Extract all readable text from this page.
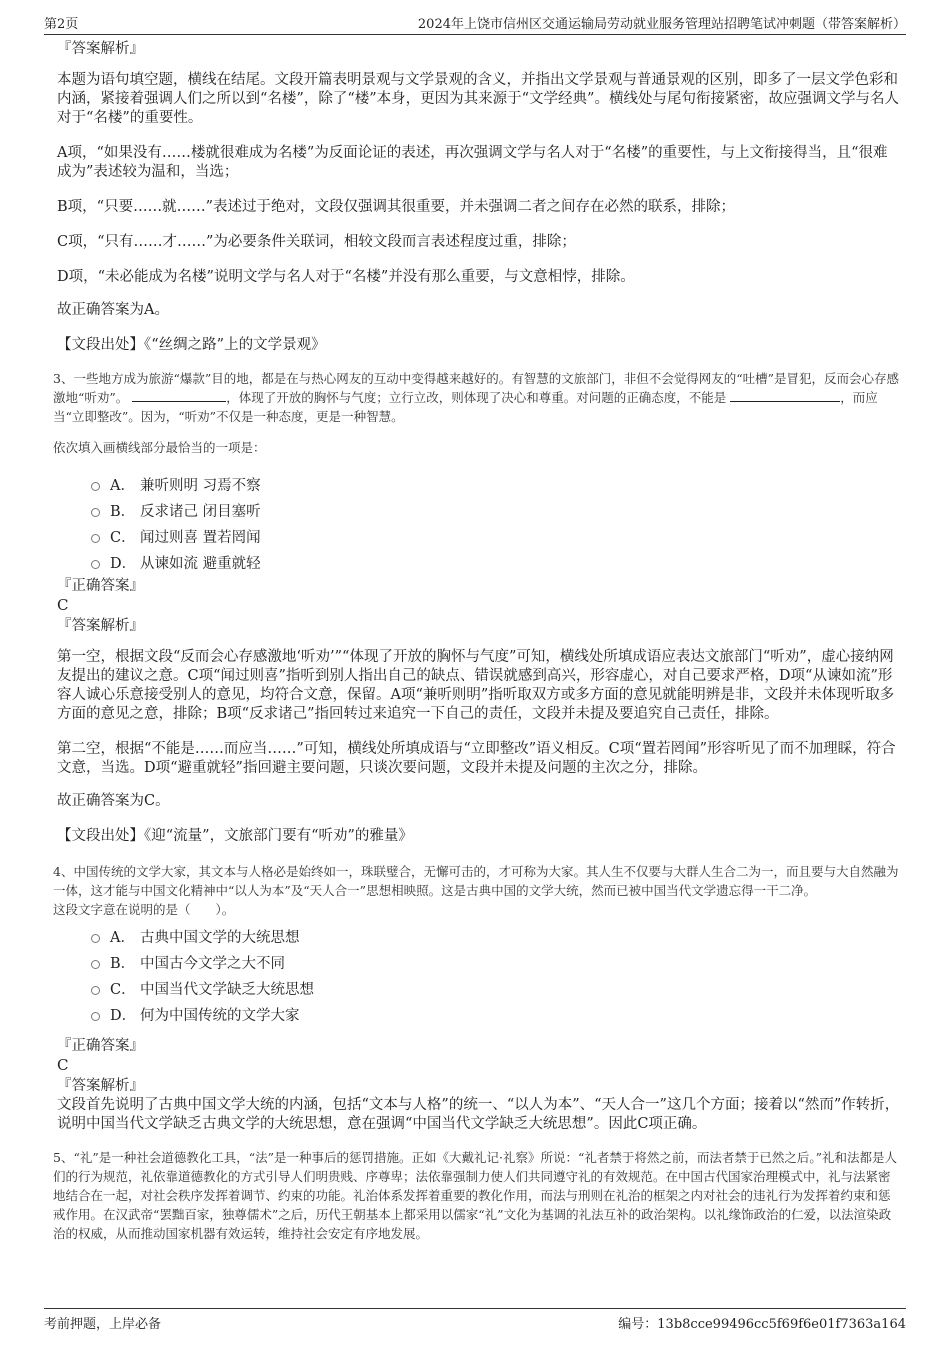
第2页	2024年上饶市信州区交通运输局劳动就业服务管理站招聘笔试冲刺题（带答案解析）

『答案解析』

本题为语句填空题，横线在结尾。文段开篇表明景观与文学景观的含义，并指出文学景观与普通景观的区别，即多了一层文学色彩和内涵，紧接着强调人们之所以到“名楼”，除了“楼”本身，更因为其来源于“文学经典”。横线处与尾句衔接紧密，故应强调文学与名人对于“名楼”的重要性。

A项，“如果没有……楼就很难成为名楼”为反面论证的表述，再次强调文学与名人对于“名楼”的重要性，与上文衔接得当，且“很难成为”表述较为温和，当选；

B项，“只要……就……”表述过于绝对，文段仅强调其很重要，并未强调二者之间存在必然的联系，排除；

C项，“只有……才……”为必要条件关联词，相较文段而言表述程度过重，排除；

D项，“未必能成为名楼”说明文学与名人对于“名楼”并没有那么重要，与文意相悖，排除。

故正确答案为A。

【文段出处】《“丝绸之路”上的文学景观》

3、一些地方成为旅游“爆款”目的地，都是在与热心网友的互动中变得越来越好的。有智慧的文旅部门，非但不会觉得网友的“吐槽”是冒犯，反而会心存感激地“听劝”。	，体现了开放的胸怀与气度；立行立改，则体现了决心和尊重。对问题的正确态度，不能是	，而应当“立即整改”。因为，“听劝”不仅是一种态度，更是一种智慧。

依次填入画横线部分最恰当的一项是：

A． 兼听则明 习焉不察
B． 反求诸己 闭目塞听
C． 闻过则喜 置若罔闻
D． 从谏如流 避重就轻

『正确答案』

C

『答案解析』

第一空，根据文段“反而会心存感激地‘听劝’”“体现了开放的胸怀与气度”可知，横线处所填成语应表达文旅部门“听劝”，虚心接纳网友提出的建议之意。C项“闻过则喜”指听到别人指出自己的缺点、错误就感到高兴，形容虚心，对自己要求严格，D项“从谏如流”形容人诚心乐意接受别人的意见，均符合文意，保留。A项“兼听则明”指听取双方或多方面的意见就能明辨是非，文段并未体现听取多方面的意见之意，排除；B项“反求诸己”指回转过来追究一下自己的责任，文段并未提及要追究自己责任，排除。

第二空，根据“不能是……而应当……”可知，横线处所填成语与“立即整改”语义相反。C项“置若罔闻”形容听见了而不加理睬，符合文意，当选。D项“避重就轻”指回避主要问题，只谈次要问题，文段并未提及问题的主次之分，排除。

故正确答案为C。

【文段出处】《迎“流量”，文旅部门要有“听劝”的雅量》

4、中国传统的文学大家，其文本与人格必是始终如一，珠联璧合，无懈可击的，才可称为大家。其人生不仅要与大群人生合二为一，而且要与大自然融为一体，这才能与中国文化精神中“以人为本”及“天人合一”思想相映照。这是古典中国的文学大统，然而已被中国当代文学遗忘得一干二净。

这段文字意在说明的是（　　）。

A． 古典中国文学的大统思想
B． 中国古今文学之大不同
C． 中国当代文学缺乏大统思想
D． 何为中国传统的文学大家

『正确答案』

C

『答案解析』

文段首先说明了古典中国文学大统的内涵，包括“文本与人格”的统一、“以人为本”、“天人合一”这几个方面；接着以“然而”作转折，说明中国当代文学缺乏古典文学的大统思想，意在强调“中国当代文学缺乏大统思想”。因此C项正确。

5、“礼”是一种社会道德教化工具，“法”是一种事后的惩罚措施。正如《大戴礼记·礼察》所说：“礼者禁于将然之前，而法者禁于已然之后。”礼和法都是人们的行为规范，礼依靠道德教化的方式引导人们明贵贱、序尊卑；法依靠强制力使人们共同遵守礼的有效规范。在中国古代国家治理模式中，礼与法紧密地结合在一起，对社会秩序发挥着调节、约束的功能。礼治体系发挥着重要的教化作用，而法与刑则在礼治的框架之内对社会的违礼行为发挥着约束和惩戒作用。在汉武帝“罢黜百家，独尊儒术”之后，历代王朝基本上都采用以儒家“礼”文化为基调的礼法互补的政治架构。以礼缘饰政治的仁爱，以法渲染政治的权威，从而推动国家机器有效运转，维持社会安定有序地发展。

考前押题，上岸必备	编号：13b8cce99496cc5f69f6e01f7363a164
